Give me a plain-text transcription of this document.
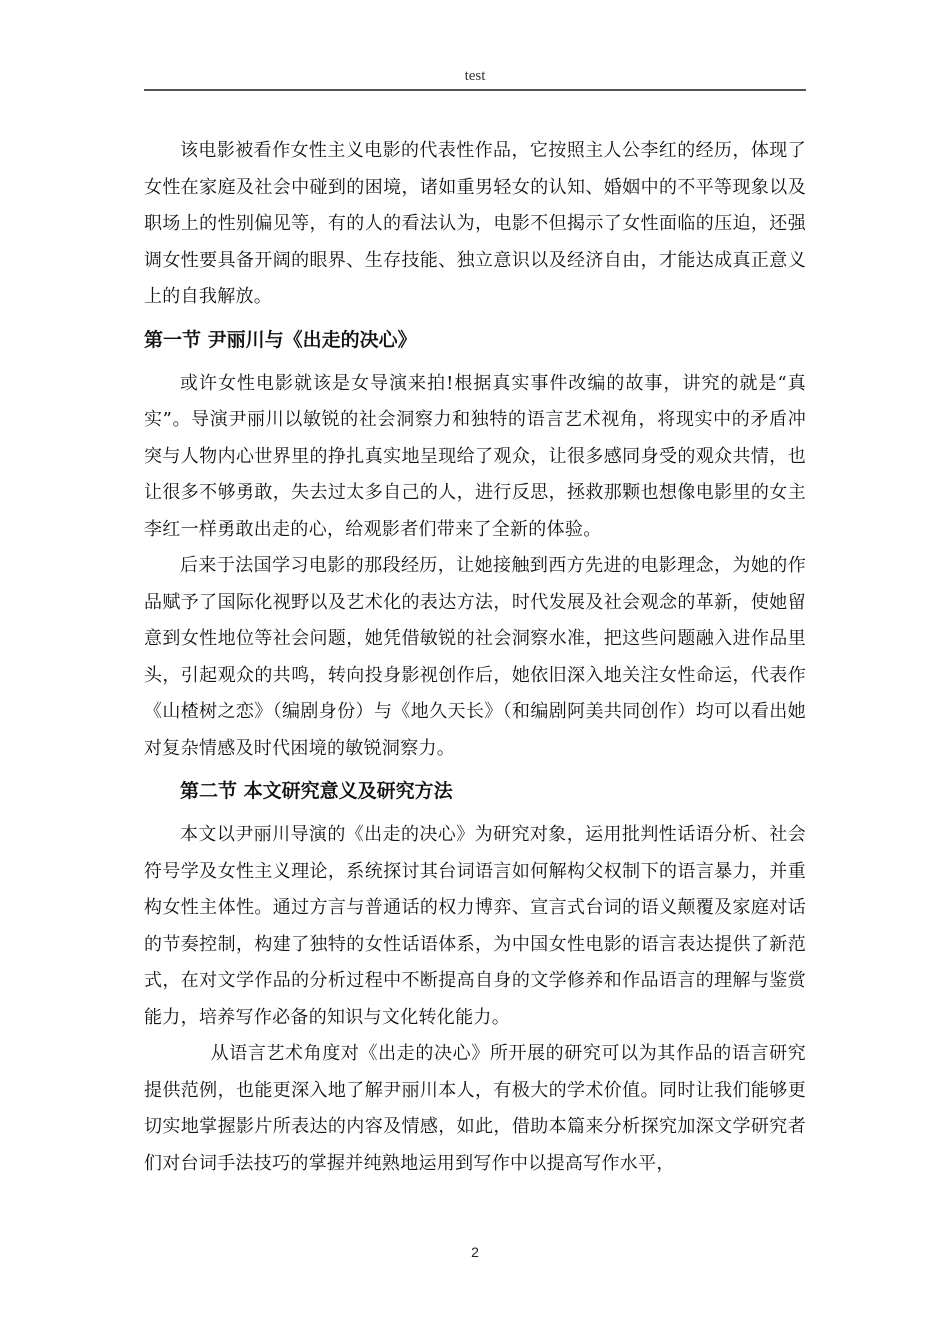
test

该电影被看作女性主义电影的代表性作品，它按照主人公李红的经历，体现了女性在家庭及社会中碰到的困境，诸如重男轻女的认知、婚姻中的不平等现象以及职场上的性别偏见等，有的人的看法认为，电影不但揭示了女性面临的压迫，还强调女性要具备开阔的眼界、生存技能、独立意识以及经济自由，才能达成真正意义上的自我解放。

第一节 尹丽川与《出走的决心》

或许女性电影就该是女导演来拍!根据真实事件改编的故事，讲究的就是“真实”。导演尹丽川以敏锐的社会洞察力和独特的语言艺术视角，将现实中的矛盾冲突与人物内心世界里的挣扎真实地呈现给了观众，让很多感同身受的观众共情，也让很多不够勇敢，失去过太多自己的人，进行反思，拯救那颗也想像电影里的女主李红一样勇敢出走的心，给观影者们带来了全新的体验。

后来于法国学习电影的那段经历，让她接触到西方先进的电影理念，为她的作品赋予了国际化视野以及艺术化的表达方法，时代发展及社会观念的革新，使她留意到女性地位等社会问题，她凭借敏锐的社会洞察水准，把这些问题融入进作品里头，引起观众的共鸣，转向投身影视创作后，她依旧深入地关注女性命运，代表作《山楂树之恋》（编剧身份）与《地久天长》（和编剧阿美共同创作）均可以看出她对复杂情感及时代困境的敏锐洞察力。

第二节 本文研究意义及研究方法

本文以尹丽川导演的《出走的决心》为研究对象，运用批判性话语分析、社会符号学及女性主义理论，系统探讨其台词语言如何解构父权制下的语言暴力，并重构女性主体性。通过方言与普通话的权力博弈、宣言式台词的语义颠覆及家庭对话的节奏控制，构建了独特的女性话语体系，为中国女性电影的语言表达提供了新范式，在对文学作品的分析过程中不断提高自身的文学修养和作品语言的理解与鉴赏能力，培养写作必备的知识与文化转化能力。

从语言艺术角度对《出走的决心》所开展的研究可以为其作品的语言研究提供范例，也能更深入地了解尹丽川本人，有极大的学术价值。同时让我们能够更切实地掌握影片所表达的内容及情感，如此，借助本篇来分析探究加深文学研究者们对台词手法技巧的掌握并纯熟地运用到写作中以提高写作水平，

2
